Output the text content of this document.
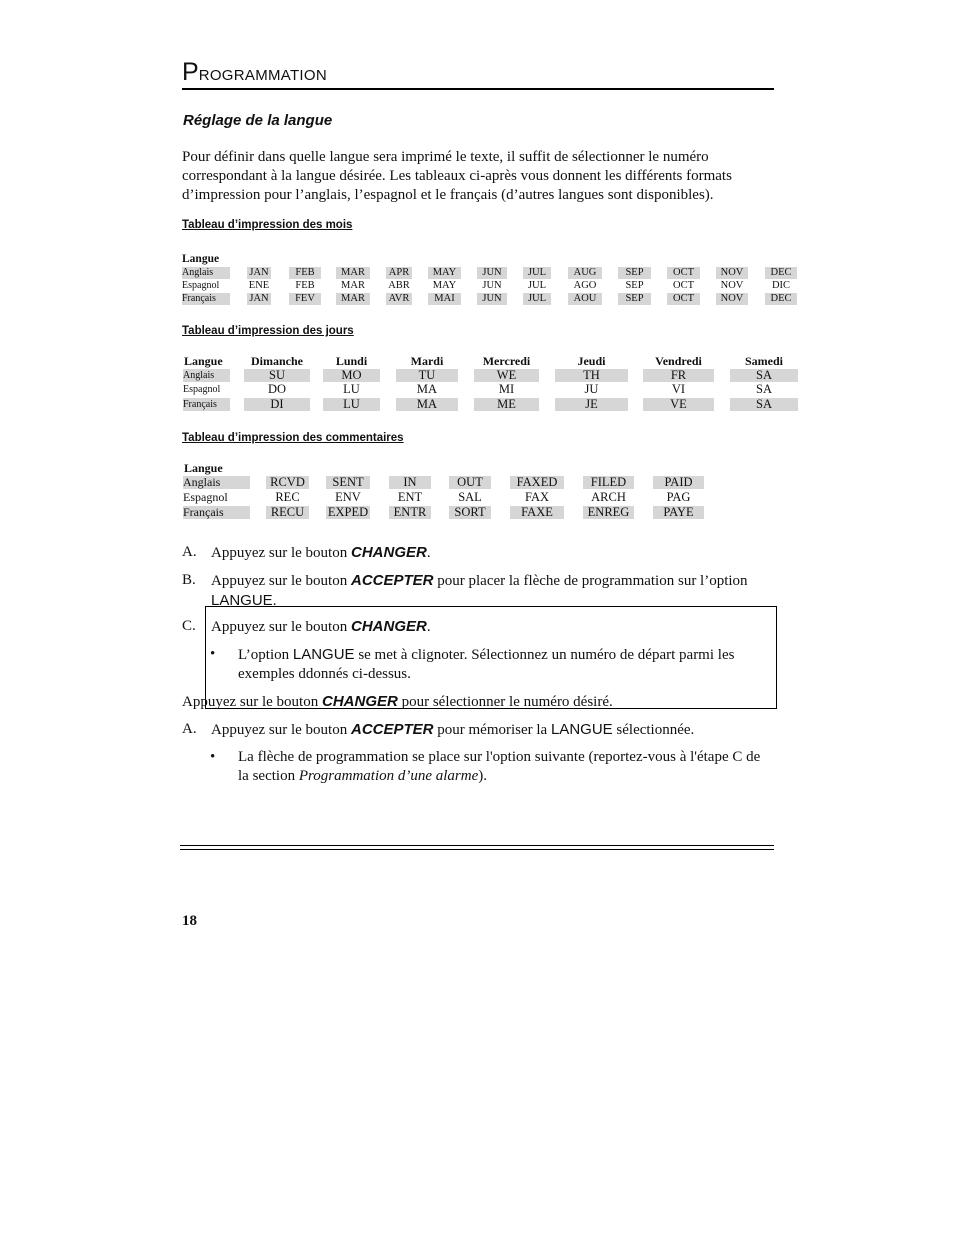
PROGRAMMATION
Réglage de la langue
Pour définir dans quelle langue sera imprimé le texte, il suffit de sélectionner le numéro correspondant à la langue désirée. Les tableaux ci-après vous donnent les différents formats d’impression pour l’anglais, l’espagnol et le français (d’autres langues sont disponibles).
Tableau d’impression des mois
Langue
Anglais	JAN	FEB	MAR	APR	MAY	JUN	JUL	AUG	SEP	OCT	NOV	DEC
Espagnol	ENE	FEB	MAR	ABR	MAY	JUN	JUL	AGO	SEP	OCT	NOV	DIC
Français	JAN	FEV	MAR	AVR	MAI	JUN	JUL	AOU	SEP	OCT	NOV	DEC
Tableau d’impression des jours
Langue	Dimanche	Lundi	Mardi	Mercredi	Jeudi	Vendredi	Samedi
Anglais	SU	MO	TU	WE	TH	FR	SA
Espagnol	DO	LU	MA	MI	JU	VI	SA
Français	DI	LU	MA	ME	JE	VE	SA
Tableau d’impression des commentaires
Langue
Anglais	RCVD	SENT	IN	OUT	FAXED	FILED	PAID
Espagnol	REC	ENV	ENT	SAL	FAX	ARCH	PAG
Français	RECU	EXPED	ENTR	SORT	FAXE	ENREG	PAYE
A. Appuyez sur le bouton CHANGER.
B. Appuyez sur le bouton ACCEPTER pour placer la flèche de programmation sur l’option LANGUE.
C. Appuyez sur le bouton CHANGER.
• L’option LANGUE se met à clignoter. Sélectionnez un numéro de départ parmi les exemples ddonnés ci-dessus.
Appuyez sur le bouton CHANGER pour sélectionner le numéro désiré.
A. Appuyez sur le bouton ACCEPTER pour mémoriser la LANGUE sélectionnée.
• La flèche de programmation se place sur l'option suivante (reportez-vous à l'étape C de la section Programmation d’une alarme).
18
